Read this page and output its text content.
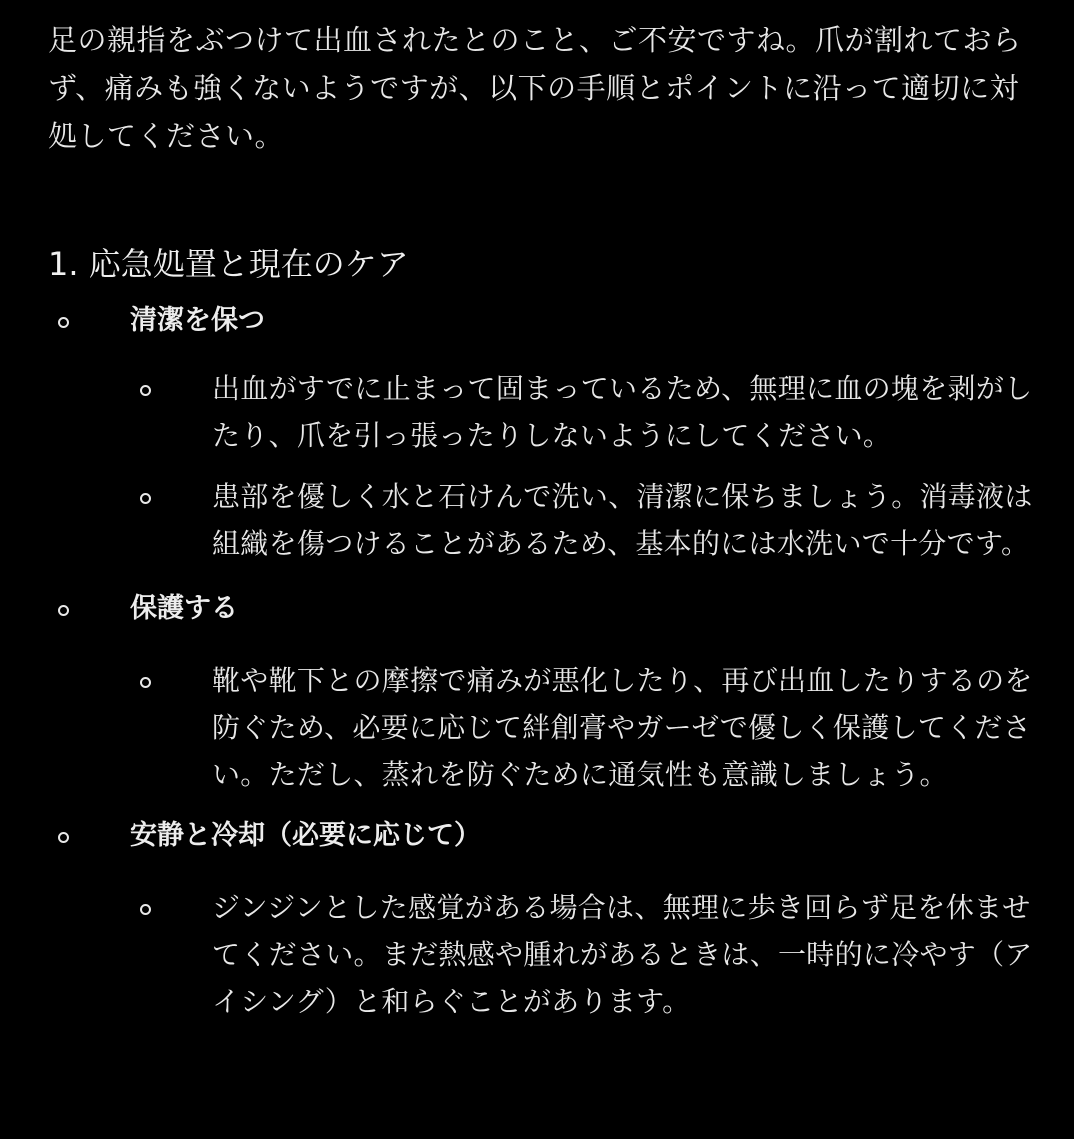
足の親指をぶつけて出血されたとのこと、ご不安ですね。爪が割れておらず、痛みも強くないようですが、以下の手順とポイントに沿って適切に対処してください。

1. 応急処置と現在のケア
清潔を保つ
出血がすでに止まって固まっているため、無理に血の塊を剥がしたり、爪を引っ張ったりしないようにしてください。
患部を優しく水と石けんで洗い、清潔に保ちましょう。消毒液は組織を傷つけることがあるため、基本的には水洗いで十分です。
保護する
靴や靴下との摩擦で痛みが悪化したり、再び出血したりするのを防ぐため、必要に応じて絆創膏やガーゼで優しく保護してください。ただし、蒸れを防ぐために通気性も意識しましょう。
安静と冷却（必要に応じて）
ジンジンとした感覚がある場合は、無理に歩き回らず足を休ませてください。まだ熱感や腫れがあるときは、一時的に冷やす（アイシング）と和らぐことがあります。
